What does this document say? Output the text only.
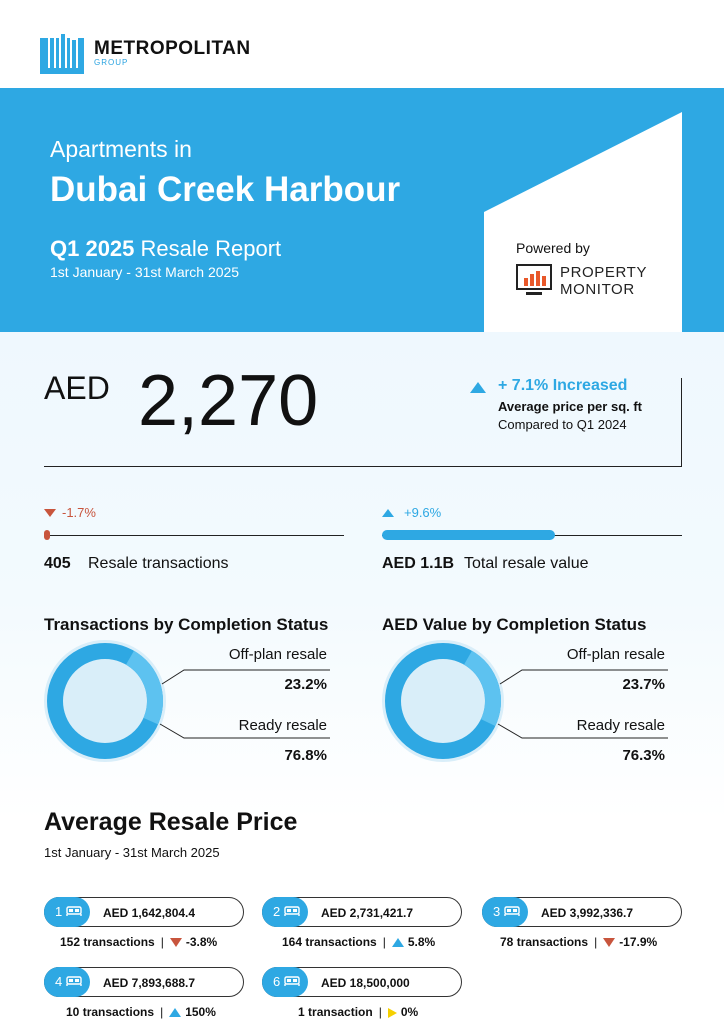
METROPOLITAN
GROUP
Apartments in
Dubai Creek Harbour
Q1 2025 Resale Report
1st January - 31st March 2025
Powered by
PROPERTY
MONITOR
AED 2,270	+ 7.1% Increased
Average price per sq. ft
Compared to Q1 2024
-1.7%
405 Resale transactions
+9.6%
AED 1.1B Total resale value
Transactions by Completion Status
Off-plan resale
23.2%
Ready resale
76.8%
AED Value by Completion Status
Off-plan resale
23.7%
Ready resale
76.3%
Average Resale Price
1st January - 31st March 2025
1	AED 1,642,804.4
152 transactions | -3.8%
2	AED 2,731,421.7
164 transactions | 5.8%
3	AED 3,992,336.7
78 transactions | -17.9%
4	AED 7,893,688.7
10 transactions | 150%
6	AED 18,500,000
1 transaction | 0%
